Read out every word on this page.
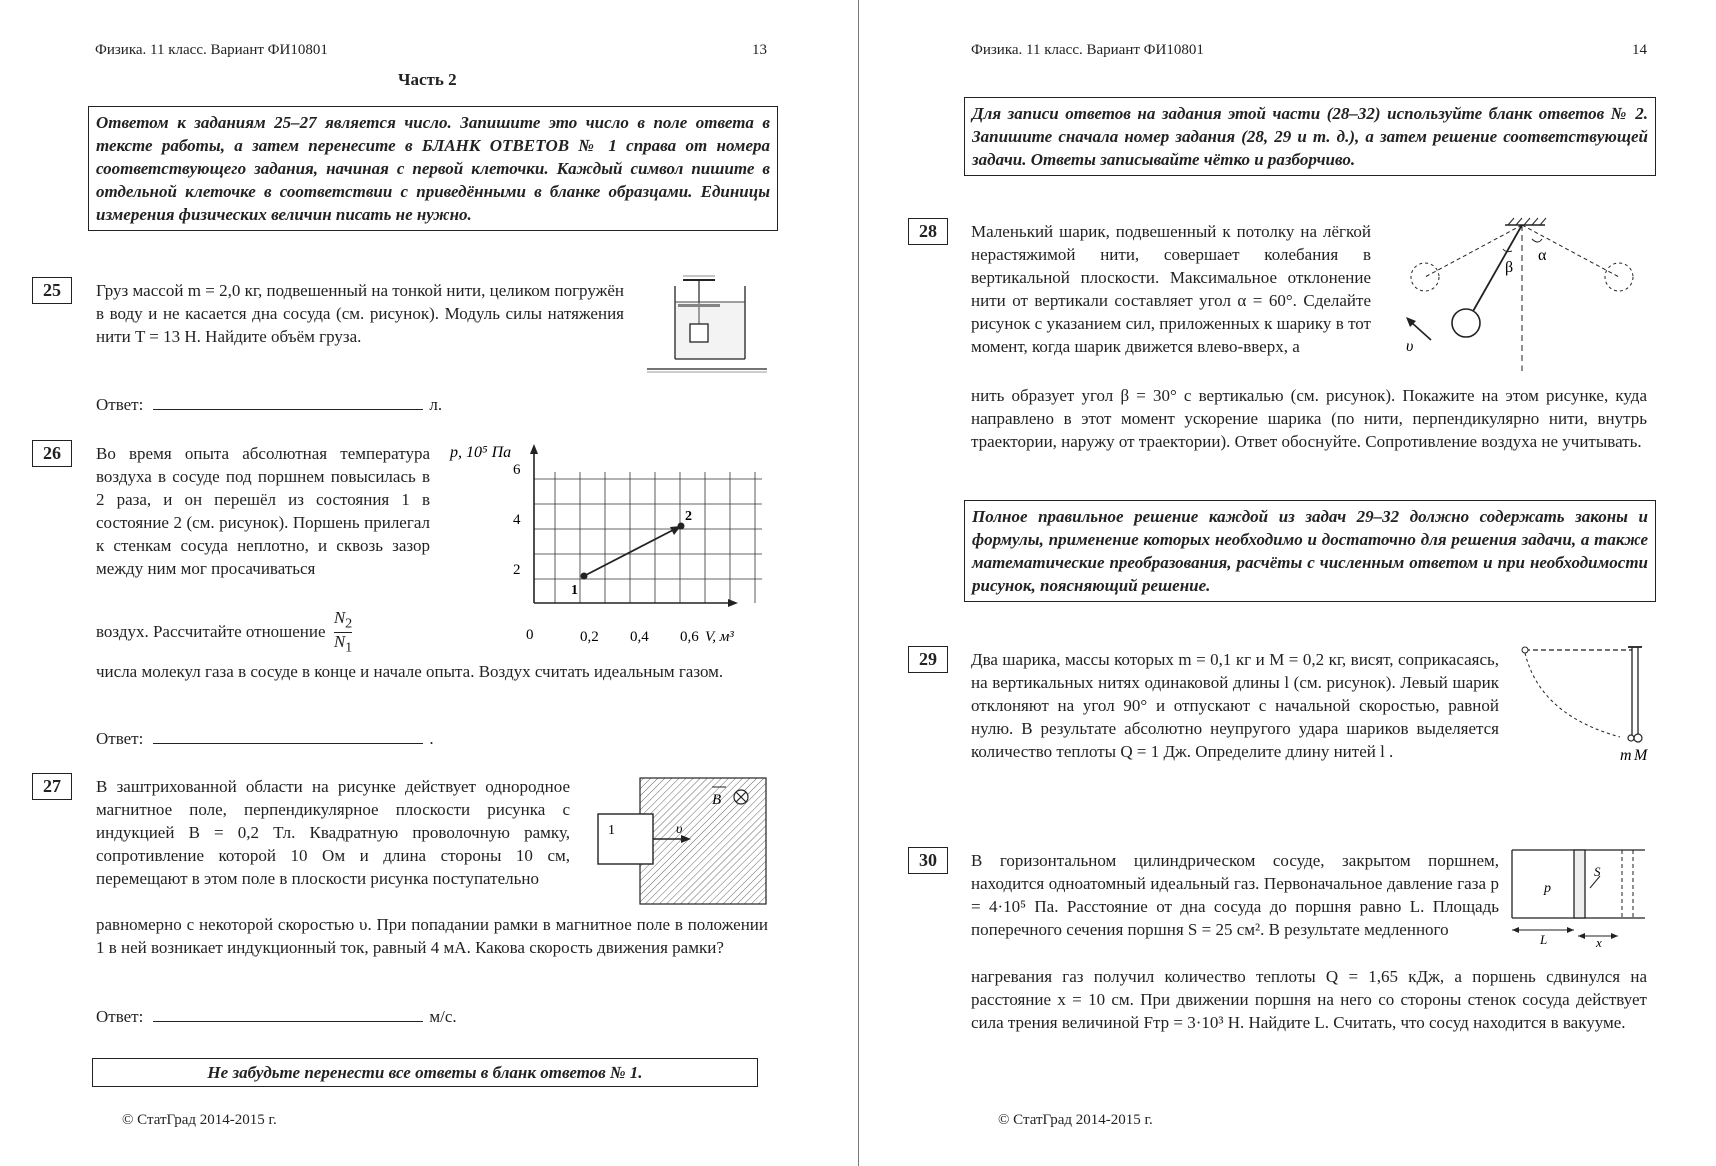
Физика. 11 класс. Вариант ФИ10801	13
Часть 2
Ответом к заданиям 25–27 является число. Запишите это число в поле ответа в тексте работы, а затем перенесите в БЛАНК ОТВЕТОВ № 1 справа от номера соответствующего задания, начиная с первой клеточки. Каждый символ пишите в отдельной клеточке в соответствии с приведёнными в бланке образцами. Единицы измерения физических величин писать не нужно.
25	Груз массой m = 2,0 кг, подвешенный на тонкой нити, целиком погружён в воду и не касается дна сосуда (см. рисунок). Модуль силы натяжения нити T = 13 Н. Найдите объём груза.
Ответ:	л.
26	Во время опыта абсолютная температура воздуха в сосуде под поршнем повысилась в 2 раза, и он перешёл из состояния 1 в состояние 2 (см. рисунок). Поршень прилегал к стенкам сосуда неплотно, и сквозь зазор между ним мог просачиваться
воздух. Рассчитайте отношение $\frac{N_2}{N_1}$
p, 10⁵ Па
6
4
2
0	0,2 0,4 0,6 V, м³
1
2
числа молекул газа в сосуде в конце и начале опыта. Воздух считать идеальным газом.
Ответ:	.
27	В заштрихованной области на рисунке действует однородное магнитное поле, перпендикулярное плоскости рисунка с индукцией B = 0,2 Тл. Квадратную проволочную рамку, сопротивление которой 10 Ом и длина стороны 10 см, перемещают в этом поле в плоскости рисунка поступательно
1	υ
B
равномерно с некоторой скоростью υ. При попадании рамки в магнитное поле в положении 1 в ней возникает индукционный ток, равный 4 мА. Какова скорость движения рамки?
Ответ:	м/с.
Не забудьте перенести все ответы в бланк ответов № 1.
© СтатГрад 2014-2015 г.
Физика. 11 класс. Вариант ФИ10801	14
Для записи ответов на задания этой части (28–32) используйте бланк ответов № 2. Запишите сначала номер задания (28, 29 и т. д.), а затем решение соответствующей задачи. Ответы записывайте чётко и разборчиво.
28	Маленький шарик, подвешенный к потолку на лёгкой нерастяжимой нити, совершает колебания в вертикальной плоскости. Максимальное отклонение нити от вертикали составляет угол α = 60°. Сделайте рисунок с указанием сил, приложенных к шарику в тот момент, когда шарик движется влево-вверх, а
β
α
υ
нить образует угол β = 30° с вертикалью (см. рисунок). Покажите на этом рисунке, куда направлено в этот момент ускорение шарика (по нити, перпендикулярно нити, внутрь траектории, наружу от траектории). Ответ обоснуйте. Сопротивление воздуха не учитывать.
Полное правильное решение каждой из задач 29–32 должно содержать законы и формулы, применение которых необходимо и достаточно для решения задачи, а также математические преобразования, расчёты с численным ответом и при необходимости рисунок, поясняющий решение.
29	Два шарика, массы которых m = 0,1 кг и M = 0,2 кг, висят, соприкасаясь, на вертикальных нитях одинаковой длины l (см. рисунок). Левый шарик отклоняют на угол 90° и отпускают с начальной скоростью, равной нулю. В результате абсолютно неупругого удара шариков выделяется количество теплоты Q = 1 Дж. Определите длину нитей l .	m M
30	В горизонтальном цилиндрическом сосуде, закрытом поршнем, находится одноатомный идеальный газ. Первоначальное давление газа p = 4·10⁵ Па. Расстояние от дна сосуда до поршня равно L. Площадь поперечного сечения поршня S = 25 см². В результате медленного
S
p
L	x
нагревания газ получил количество теплоты Q = 1,65 кДж, а поршень сдвинулся на расстояние x = 10 см. При движении поршня на него со стороны стенок сосуда действует сила трения величиной Fтр = 3·10³ Н. Найдите L. Считать, что сосуд находится в вакууме.
© СтатГрад 2014-2015 г.
